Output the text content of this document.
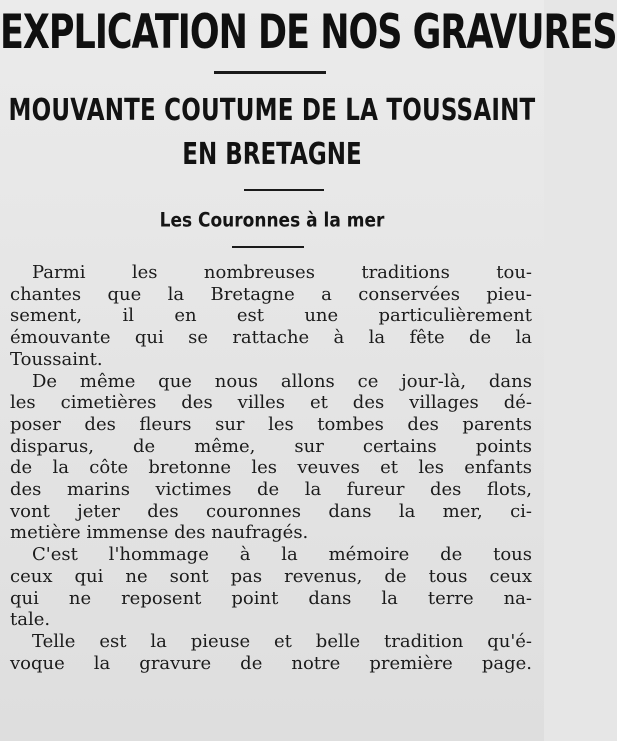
EXPLICATION DE NOS GRAVURES
MOUVANTE COUTUME DE LA TOUSSAINT
EN BRETAGNE
Les Couronnes à la mer
Parmi les nombreuses traditions tou-
chantes que la Bretagne a conservées pieu-
sement, il en est une particulièrement
émouvante qui se rattache à la fête de la
Toussaint.
De même que nous allons ce jour-là, dans
les cimetières des villes et des villages dé-
poser des fleurs sur les tombes des parents
disparus, de même, sur certains points
de la côte bretonne les veuves et les enfants
des marins victimes de la fureur des flots,
vont jeter des couronnes dans la mer, ci-
metière immense des naufragés.
C'est l'hommage à la mémoire de tous
ceux qui ne sont pas revenus, de tous ceux
qui ne reposent point dans la terre na-
tale.
Telle est la pieuse et belle tradition qu'é-
voque la gravure de notre première page.
